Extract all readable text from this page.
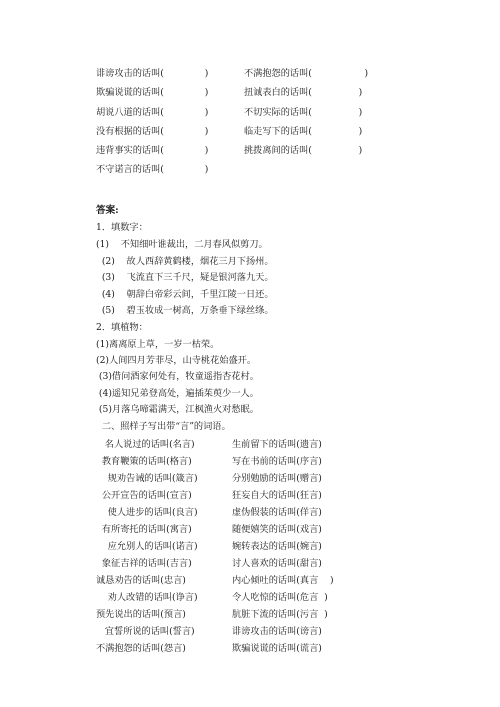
诽谤攻击的话叫(              )
欺骗说谎的话叫(              )
胡说八道的话叫(              )
没有根据的话叫(              )
违背事实的话叫(              )
不守诺言的话叫(              )
不满抱怨的话叫(                  )
扭诚表白的话叫(                )
不切实际的话叫(                )
临走写下的话叫(                )
挑拨离间的话叫(                )
答案:
1．填数字：
(1)    不知细叶谁裁出，二月春风似剪刀。
(2)    故人西辞黄鹤楼，烟花三月下扬州。
(3)    飞流直下三千尺，疑是银河落九天。
(4)    朝辞白帝彩云间，千里江陵一日还。
(5)    碧玉妆成一树高，万条垂下绿丝绦。
2．填植物：
(1)离离原上草，一岁一枯荣。
(2)人间四月芳菲尽，山寺桃花始盛开。
(3)借问酒家何处有，牧童遥指杏花村。
(4)遥知兄弟登高处，遍插茱萸少一人。
(5)月落乌啼霜满天，江枫渔火对愁眠。
二、照样子写出带“言”的词语。
名人说过的话叫(名言)
教育鞭策的话叫(格言)
规劝告诫的话叫(箴言)
公开宣告的话叫(宣言)
使人进步的话叫(良言)
有所寄托的话叫(寓言)
应允别人的话叫(诺言)
象征吉祥的话叫(吉言)
诚恳劝告的话叫(忠言)
劝人改错的话叫(诤言)
预先说出的话叫(预言)
宜誓所说的话叫(誓言)
不满抱怨的话叫(怨言)
生前留下的话叫(遗言)
写在书前的话叫(序言)
分别勉励的话叫(赠言)
狂妄自大的话叫(狂言)
虚伪假装的话叫(佯言)
随便嬉笑的话叫(戏言)
婉转表达的话叫(婉言)
讨人喜欢的话叫(甜言)
内心倾吐的话叫(真言    )
令人吃惊的话叫(危言  )
肮脏下流的话叫(污言  )
诽谤攻击的话叫(谤言)
欺骗说谎的话叫(谎言)
